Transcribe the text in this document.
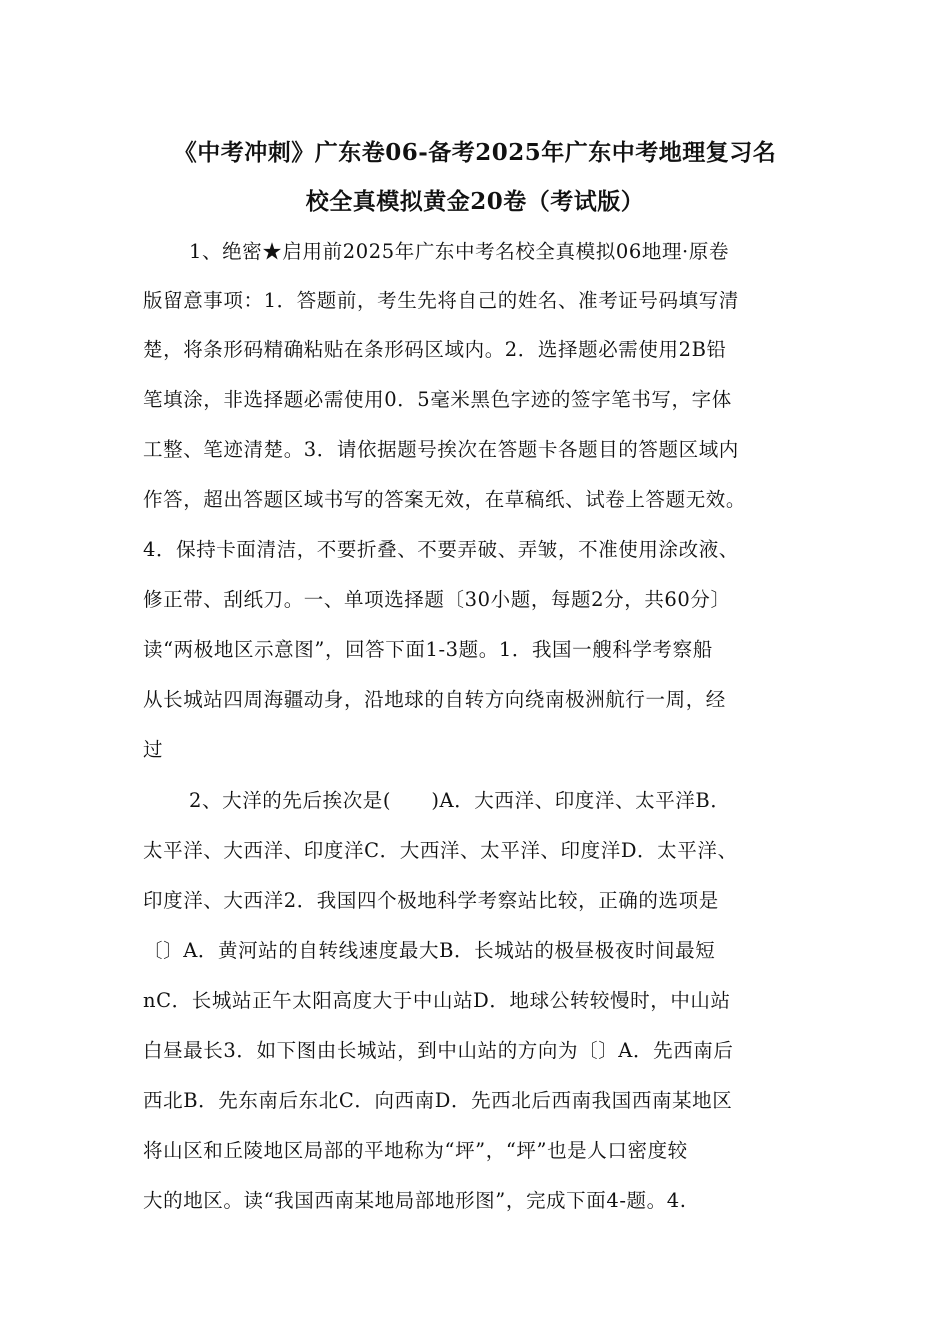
《中考冲刺》广东卷06-备考2025年广东中考地理复习名
校全真模拟黄金20卷（考试版）
1、绝密★启用前2025年广东中考名校全真模拟06地理·原卷
版留意事项：1．答题前，考生先将自己的姓名、准考证号码填写清
楚，将条形码精确粘贴在条形码区域内。2．选择题必需使用2B铅
笔填涂，非选择题必需使用0．5毫米黑色字迹的签字笔书写，字体
工整、笔迹清楚。3．请依据题号挨次在答题卡各题目的答题区域内
作答，超出答题区域书写的答案无效，在草稿纸、试卷上答题无效。
4．保持卡面清洁，不要折叠、不要弄破、弄皱，不准使用涂改液、
修正带、刮纸刀。一、单项选择题〔30小题，每题2分，共60分〕
读“两极地区示意图”，回答下面1-3题。1．我国一艘科学考察船
从长城站四周海疆动身，沿地球的自转方向绕南极洲航行一周，经
过
2、大洋的先后挨次是(　　)A．大西洋、印度洋、太平洋B．
太平洋、大西洋、印度洋C．大西洋、太平洋、印度洋D．太平洋、
印度洋、大西洋2．我国四个极地科学考察站比较，正确的选项是
〔〕A．黄河站的自转线速度最大B．长城站的极昼极夜时间最短
nC．长城站正午太阳高度大于中山站D．地球公转较慢时，中山站
白昼最长3．如下图由长城站，到中山站的方向为〔〕A．先西南后
西北B．先东南后东北C．向西南D．先西北后西南我国西南某地区
将山区和丘陵地区局部的平地称为“坪”，“坪”也是人口密度较
大的地区。读“我国西南某地局部地形图”，完成下面4-题。4.
